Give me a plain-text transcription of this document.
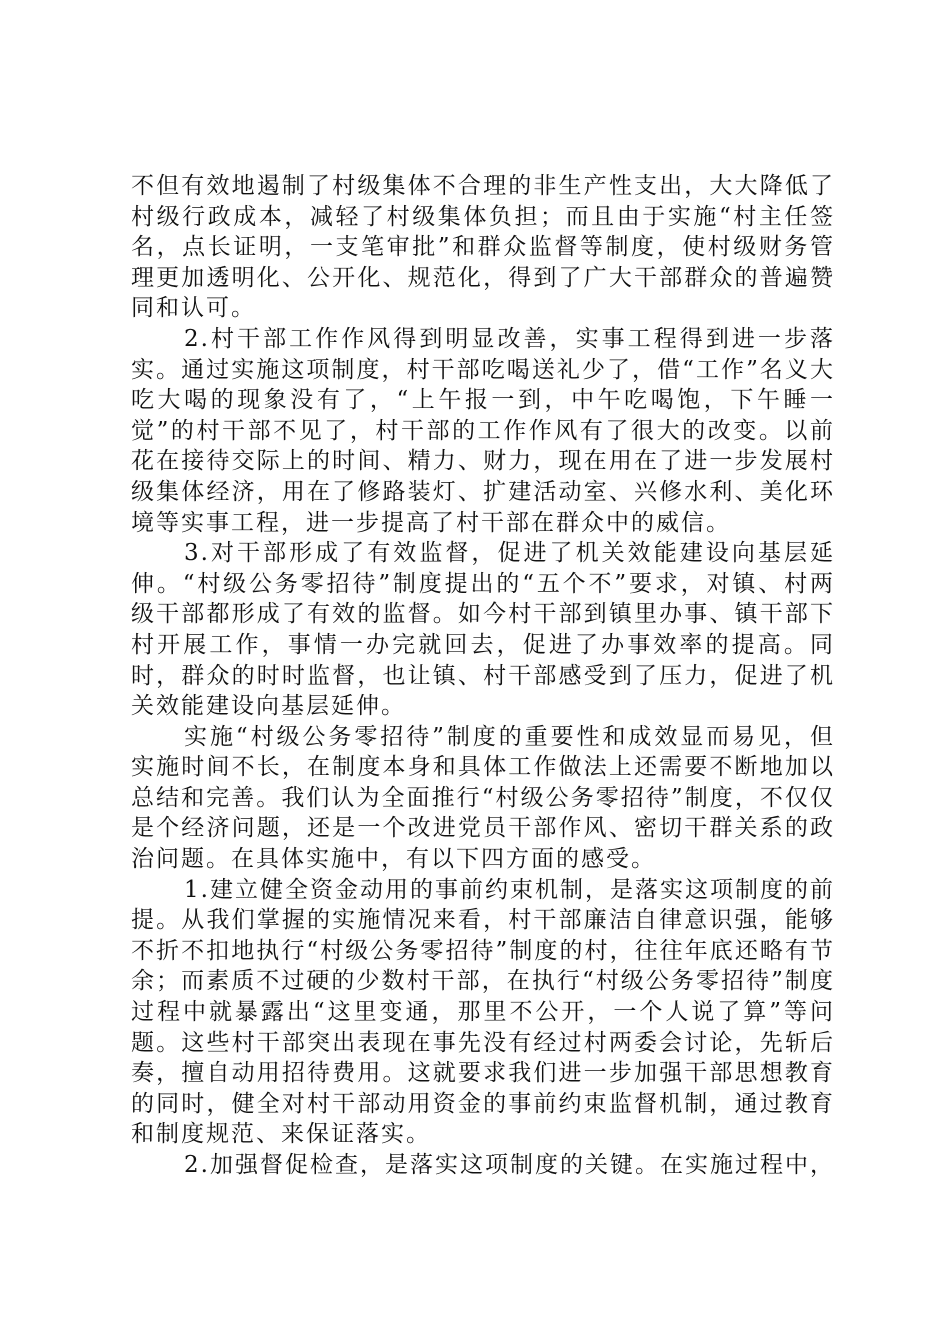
不但有效地遏制了村级集体不合理的非生产性支出，大大降低了村级行政成本，减轻了村级集体负担；而且由于实施“村主任签名，点长证明，一支笔审批”和群众监督等制度，使村级财务管理更加透明化、公开化、规范化，得到了广大干部群众的普遍赞同和认可。

2.村干部工作作风得到明显改善，实事工程得到进一步落实。通过实施这项制度，村干部吃喝送礼少了，借“工作”名义大吃大喝的现象没有了，“上午报一到，中午吃喝饱，下午睡一觉”的村干部不见了，村干部的工作作风有了很大的改变。以前花在接待交际上的时间、精力、财力，现在用在了进一步发展村级集体经济，用在了修路装灯、扩建活动室、兴修水利、美化环境等实事工程，进一步提高了村干部在群众中的威信。

3.对干部形成了有效监督，促进了机关效能建设向基层延伸。“村级公务零招待”制度提出的“五个不”要求，对镇、村两级干部都形成了有效的监督。如今村干部到镇里办事、镇干部下村开展工作，事情一办完就回去，促进了办事效率的提高。同时，群众的时时监督，也让镇、村干部感受到了压力，促进了机关效能建设向基层延伸。

实施“村级公务零招待”制度的重要性和成效显而易见，但实施时间不长，在制度本身和具体工作做法上还需要不断地加以总结和完善。我们认为全面推行“村级公务零招待”制度，不仅仅是个经济问题，还是一个改进党员干部作风、密切干群关系的政治问题。在具体实施中，有以下四方面的感受。

1.建立健全资金动用的事前约束机制，是落实这项制度的前提。从我们掌握的实施情况来看，村干部廉洁自律意识强，能够不折不扣地执行“村级公务零招待”制度的村，往往年底还略有节余；而素质不过硬的少数村干部，在执行“村级公务零招待”制度过程中就暴露出“这里变通，那里不公开，一个人说了算”等问题。这些村干部突出表现在事先没有经过村两委会讨论，先斩后奏，擅自动用招待费用。这就要求我们进一步加强干部思想教育的同时，健全对村干部动用资金的事前约束监督机制，通过教育和制度规范、来保证落实。

2.加强督促检查，是落实这项制度的关键。在实施过程中，
